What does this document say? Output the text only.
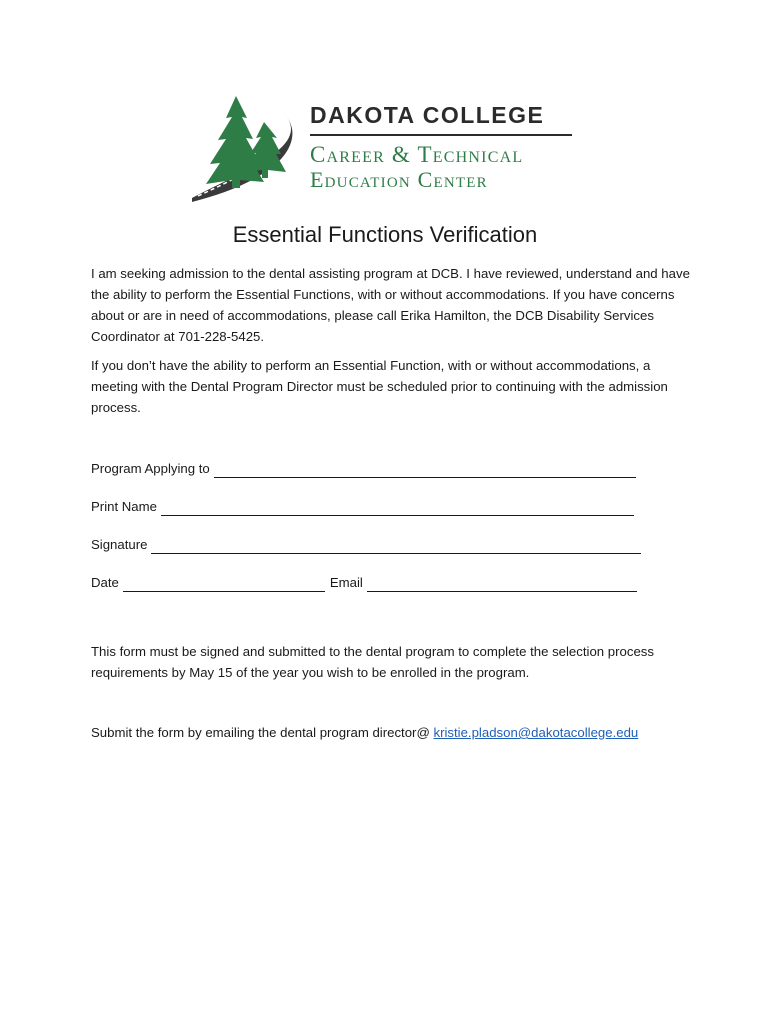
DAKOTA COLLEGE
Career & Technical
Education Center
Essential Functions Verification
I am seeking admission to the dental assisting program at DCB. I have reviewed, understand and have the ability to perform the Essential Functions, with or without accommodations. If you have concerns about or are in need of accommodations, please call Erika Hamilton, the DCB Disability Services Coordinator at 701-228-5425.
If you don’t have the ability to perform an Essential Function, with or without accommodations, a meeting with the Dental Program Director must be scheduled prior to continuing with the admission process.
Program Applying to
Print Name
Signature
Date	Email
This form must be signed and submitted to the dental program to complete the selection process requirements by May 15 of the year you wish to be enrolled in the program.
Submit the form by emailing the dental program director@ kristie.pladson@dakotacollege.edu
